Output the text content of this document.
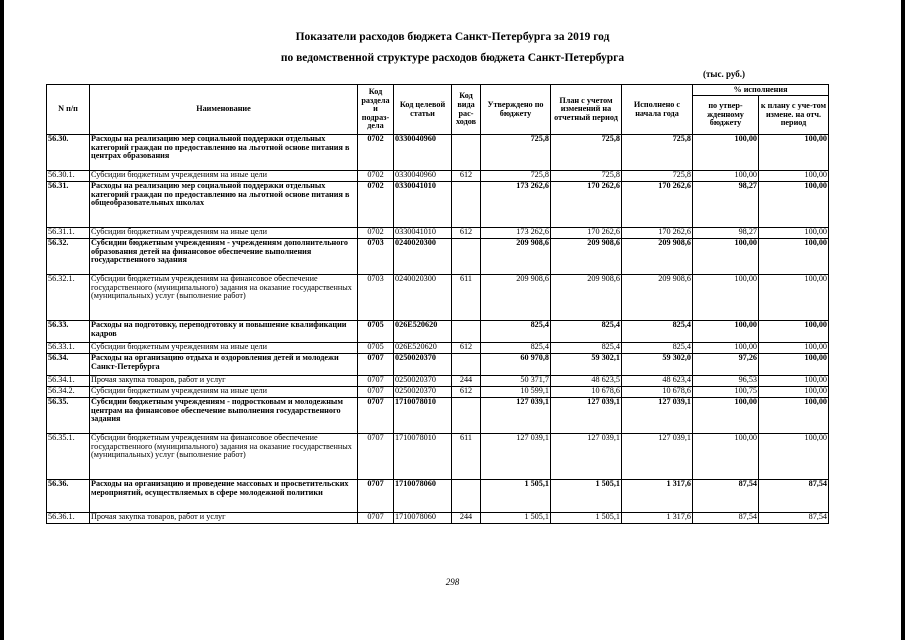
Показатели расходов бюджета Санкт-Петербурга за 2019 год
по ведомственной структуре расходов бюджета Санкт-Петербурга
(тыс. руб.)
N п/п	Наименование	Код раздела и подраз-дела	Код целевой статьи	Код вида рас-ходов	Утверждено по бюджету	План с учетом изменений на отчетный период	Исполнено с начала года	% исполнения	
								по утвер-жденному бюджету	к плану с уче-том измене. на отч. период
56.30.	Расходы на реализацию мер социальной поддержки отдельных категорий граждан по предоставлению на льготной основе питания в центрах образования	0702	0330040960		725,8	725,8	725,8	100,00	100,00
56.30.1.	Субсидии бюджетным учреждениям на иные цели	0702	0330040960	612	725,8	725,8	725,8	100,00	100,00
56.31.	Расходы на реализацию мер социальной поддержки отдельных категорий граждан по предоставлению на льготной основе питания в общеобразовательных школах	0702	0330041010		173 262,6	170 262,6	170 262,6	98,27	100,00
56.31.1.	Субсидии бюджетным учреждениям на иные цели	0702	0330041010	612	173 262,6	170 262,6	170 262,6	98,27	100,00
56.32.	Субсидии бюджетным учреждениям - учреждениям дополнительного образования детей на финансовое обеспечение выполнения государственного задания	0703	0240020300		209 908,6	209 908,6	209 908,6	100,00	100,00
56.32.1.	Субсидии бюджетным учреждениям на финансовое обеспечение государственного (муниципального) задания на оказание государственных (муниципальных) услуг (выполнение работ)	0703	0240020300	611	209 908,6	209 908,6	209 908,6	100,00	100,00
56.33.	Расходы на подготовку, переподготовку и повышение квалификации кадров	0705	026E520620		825,4	825,4	825,4	100,00	100,00
56.33.1.	Субсидии бюджетным учреждениям на иные цели	0705	026E520620	612	825,4	825,4	825,4	100,00	100,00
56.34.	Расходы на организацию отдыха и оздоровления детей и молодежи Санкт-Петербурга	0707	0250020370		60 970,8	59 302,1	59 302,0	97,26	100,00
56.34.1.	Прочая закупка товаров, работ и услуг	0707	0250020370	244	50 371,7	48 623,5	48 623,4	96,53	100,00
56.34.2.	Субсидии бюджетным учреждениям на иные цели	0707	0250020370	612	10 599,1	10 678,6	10 678,6	100,75	100,00
56.35.	Субсидии бюджетным учреждениям - подростковым и молодежным центрам на финансовое обеспечение выполнения государственного задания	0707	1710078010		127 039,1	127 039,1	127 039,1	100,00	100,00
56.35.1.	Субсидии бюджетным учреждениям на финансовое обеспечение государственного (муниципального) задания на оказание государственных (муниципальных) услуг (выполнение работ)	0707	1710078010	611	127 039,1	127 039,1	127 039,1	100,00	100,00
56.36.	Расходы на организацию и проведение массовых и просветительских мероприятий, осуществляемых в сфере молодежной политики	0707	1710078060		1 505,1	1 505,1	1 317,6	87,54	87,54
56.36.1.	Прочая закупка товаров, работ и услуг	0707	1710078060	244	1 505,1	1 505,1	1 317,6	87,54	87,54
298
